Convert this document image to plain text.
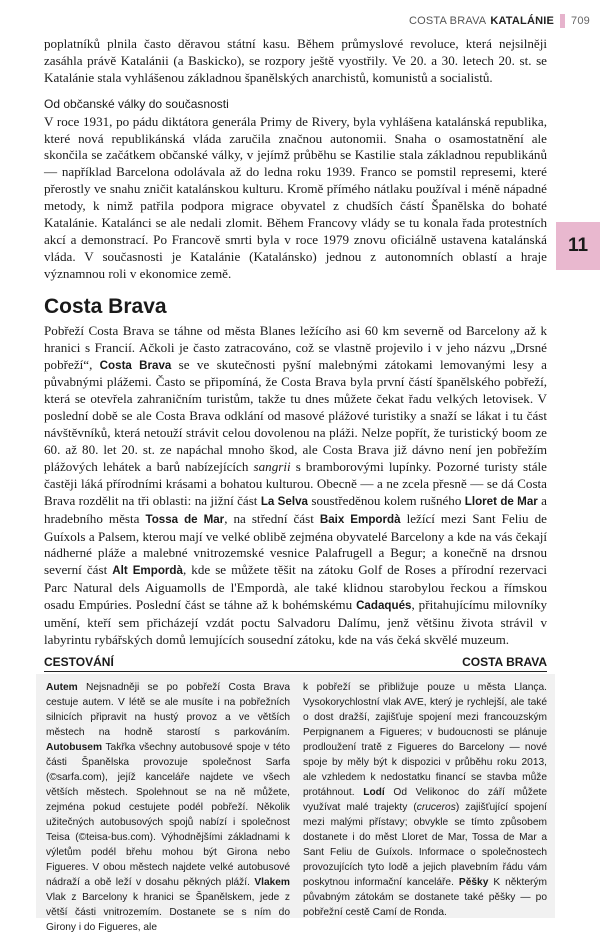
COSTA BRAVA KATALÁNIE 709
11

poplatníků plnila často děravou státní kasu. Během průmyslové revoluce, která nejsilněji zasáhla právě Katalánii (a Baskicko), se rozpory ještě vyostřily. Ve 20. a 30. letech 20. st. se Katalánie stala vyhlášenou základnou španělských anarchistů, komunistů a socialistů.

Od občanské války do současnosti

V roce 1931, po pádu diktátora generála Primy de Rivery, byla vyhlášena katalánská republika, které nová republikánská vláda zaručila značnou autonomii. Snaha o osamostatnění ale skončila se začátkem občanské války, v jejímž průběhu se Kastilie stala základnou republikánů — například Barcelona odolávala až do ledna roku 1939. Franco se pomstil represemi, které přerostly ve snahu zničit katalánskou kulturu. Kromě přímého nátlaku používal i méně nápadné metody, k nimž patřila podpora migrace obyvatel z chudších částí Španělska do bohaté Katalánie. Katalánci se ale nedali zlomit. Během Francovy vlády se tu konala řada protestních akcí a demonstrací. Po Francově smrti byla v roce 1979 znovu oficiálně ustavena katalánská vláda. V současnosti je Katalánie (Katalánsko) jednou z autonomních oblastí a hraje významnou roli v ekonomice země.

Costa Brava

Pobřeží Costa Brava se táhne od města Blanes ležícího asi 60 km severně od Barcelony až k hranici s Francií. Ačkoli je často zatracováno, což se vlastně projevilo i v jeho názvu „Drsné pobřeží“, Costa Brava se ve skutečnosti pyšní malebnými zátokami lemovanými lesy a půvabnými plážemi. Často se připomíná, že Costa Brava byla první částí španělského pobřeží, která se otevřela zahraničním turistům, takže tu dnes můžete čekat řadu velkých letovisek. V poslední době se ale Costa Brava odklání od masové plážové turistiky a snaží se lákat i tu část návštěvníků, která netouží strávit celou dovolenou na pláži. Nelze popřít, že turistický boom ze 60. až 80. let 20. st. ze napáchal mnoho škod, ale Costa Brava již dávno není jen pobřežím plážových lehátek a barů nabízejících sangrii s bramborovými lupínky. Pozorné turisty stále častěji láká přírodními krásami a bohatou kulturou. Obecně — a ne zcela přesně — se dá Costa Brava rozdělit na tři oblasti: na jižní část La Selva soustředěnou kolem rušného Lloret de Mar a hradebního města Tossa de Mar, na střední část Baix Empordà ležící mezi Sant Feliu de Guíxols a Palsem, kterou mají ve velké oblibě zejména obyvatelé Barcelony a kde na vás čekají nádherné pláže a malebné vnitrozemské vesnice Palafrugell a Begur; a konečně na drsnou severní část Alt Empordà, kde se můžete těšit na zátoku Golf de Roses a přírodní rezervaci Parc Natural dels Aiguamolls de l'Empordà, ale také klidnou starobylou řeckou a římskou osadu Empúries. Poslední část se táhne až k bohémskému Cadaqués, přitahujícímu milovníky umění, kteří sem přicházejí vzdát poctu Salvadoru Dalímu, jenž většinu života strávil v labyrintu rybářských domů lemujících sousední zátoku, kde na vás čeká skvělé muzeum.

CESTOVÁNÍ	COSTA BRAVA

Autem Nejsnadněji se po pobřeží Costa Brava cestuje autem. V létě se ale musíte i na pobřežních silnicích připravit na hustý provoz a ve větších městech na hodně starostí s parkováním. Autobusem Takřka všechny autobusové spoje v této části Španělska provozuje společnost Sarfa (©sarfa.com), jejíž kanceláře najdete ve všech větších městech. Spolehnout se na ně můžete, zejména pokud cestujete podél pobřeží. Několik užitečných autobusových spojů nabízí i společnost Teisa (©teisa-bus.com). Výhodnějšími základnami k výletům podél břehu mohou být Girona nebo Figueres. V obou městech najdete velké autobusové nádraží a obě leží v dosahu pěkných pláží. Vlakem Vlak z Barcelony k hranici se Španělskem, jede z větší části vnitrozemím. Dostanete se s ním do Girony i do Figueres, ale

k pobřeží se přibližuje pouze u města Llança. Vysokorychlostní vlak AVE, který je rychlejší, ale také o dost dražší, zajišťuje spojení mezi francouzským Perpignanem a Figueres; v budoucnosti se plánuje prodloužení tratě z Figueres do Barcelony — nové spoje by měly být k dispozici v průběhu roku 2013, ale vzhledem k nedostatku financí se stavba může protáhnout. Lodí Od Velikonoc do září můžete využívat malé trajekty (cruceros) zajišťující spojení mezi malými přístavy; obvykle se tímto způsobem dostanete i do měst Lloret de Mar, Tossa de Mar a Sant Feliu de Guíxols. Informace o společnostech provozujících tyto lodě a jejich plavebním řádu vám poskytnou informační kanceláře. Pěšky K některým půvabným zátokám se dostanete také pěšky — po pobřežní cestě Camí de Ronda.
